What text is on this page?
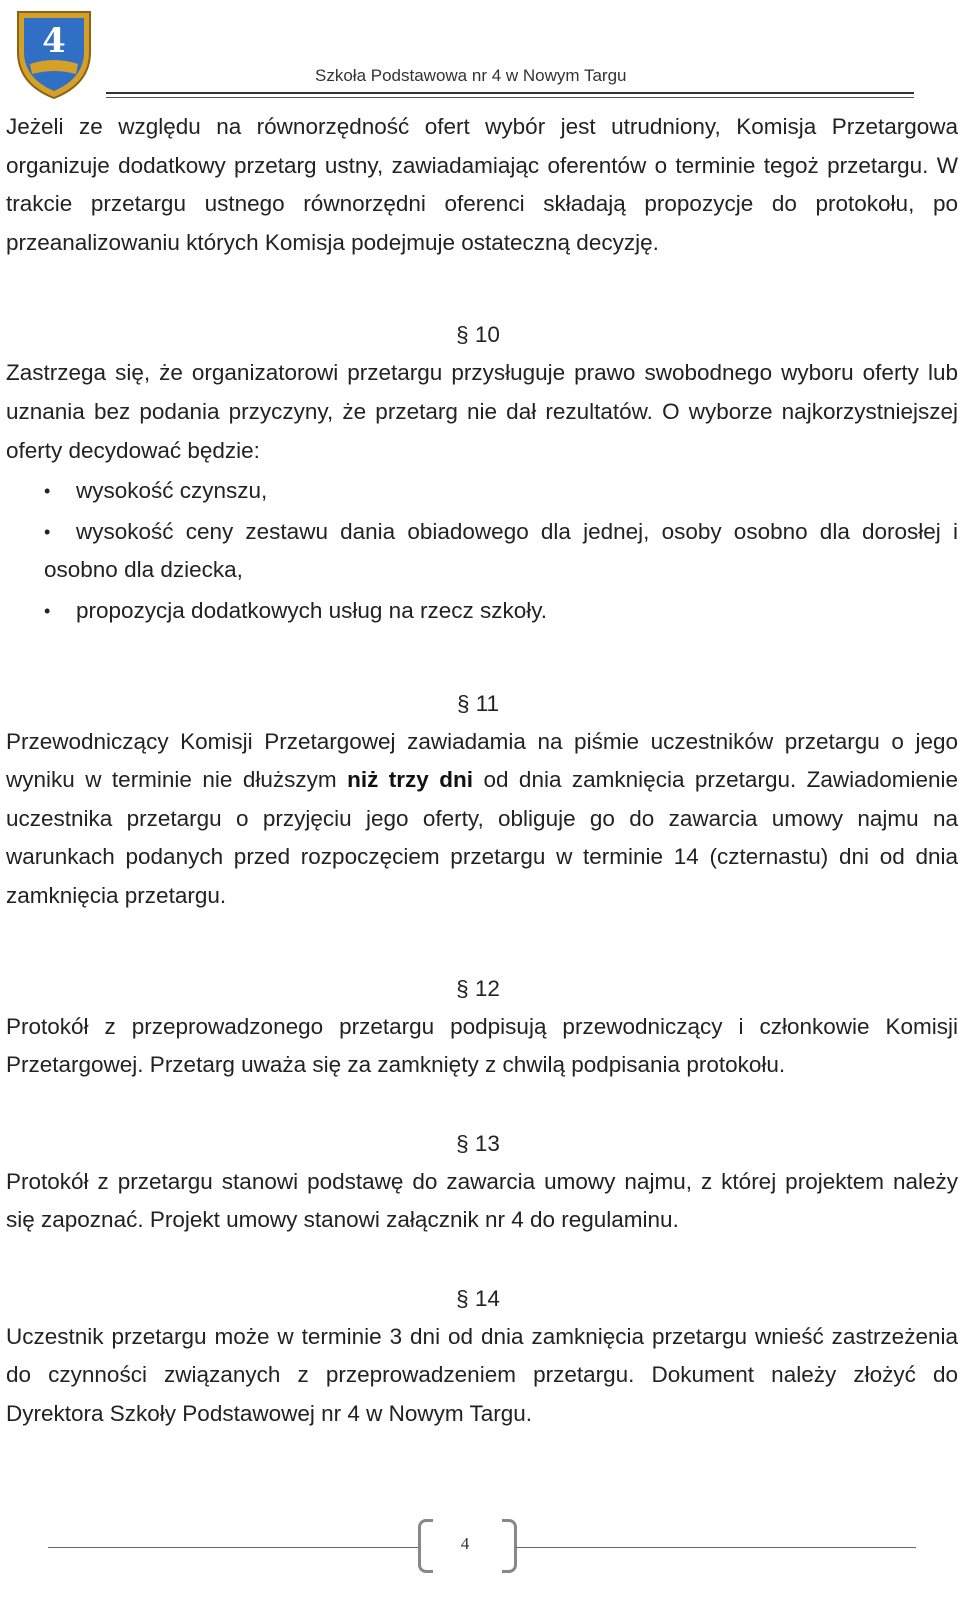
4
Szkoła Podstawowa nr 4 w Nowym Targu

Jeżeli ze względu na równorzędność ofert wybór jest utrudniony, Komisja Przetargowa organizuje dodatkowy przetarg ustny, zawiadamiając oferentów o terminie tegoż przetargu. W trakcie przetargu ustnego równorzędni oferenci składają propozycje do protokołu, po przeanalizowaniu których Komisja podejmuje ostateczną decyzję.

§ 10

Zastrzega się, że organizatorowi przetargu przysługuje prawo swobodnego wyboru oferty lub uznania bez podania przyczyny, że przetarg nie dał rezultatów. O wyborze najkorzystniejszej oferty decydować będzie:

•	wysokość czynszu,
•	wysokość ceny zestawu dania obiadowego dla jednej, osoby osobno dla dorosłej i osobno dla dziecka,
•	propozycja dodatkowych usług na rzecz szkoły.

§ 11

Przewodniczący Komisji Przetargowej zawiadamia na piśmie uczestników przetargu o jego wyniku w terminie nie dłuższym niż trzy dni od dnia zamknięcia przetargu. Zawiadomienie uczestnika przetargu o przyjęciu jego oferty, obliguje go do zawarcia umowy najmu na warunkach podanych przed rozpoczęciem przetargu w terminie 14 (czternastu) dni od dnia zamknięcia przetargu.

§ 12

Protokół z przeprowadzonego przetargu podpisują przewodniczący i członkowie Komisji Przetargowej. Przetarg uważa się za zamknięty z chwilą podpisania protokołu.

§ 13

Protokół z przetargu stanowi podstawę do zawarcia umowy najmu, z której projektem należy się zapoznać. Projekt umowy stanowi załącznik nr 4 do regulaminu.

§ 14

Uczestnik przetargu może w terminie 3 dni od dnia zamknięcia przetargu wnieść zastrzeżenia do czynności związanych z przeprowadzeniem przetargu. Dokument należy złożyć do Dyrektora Szkoły Podstawowej nr 4 w Nowym Targu.

4
